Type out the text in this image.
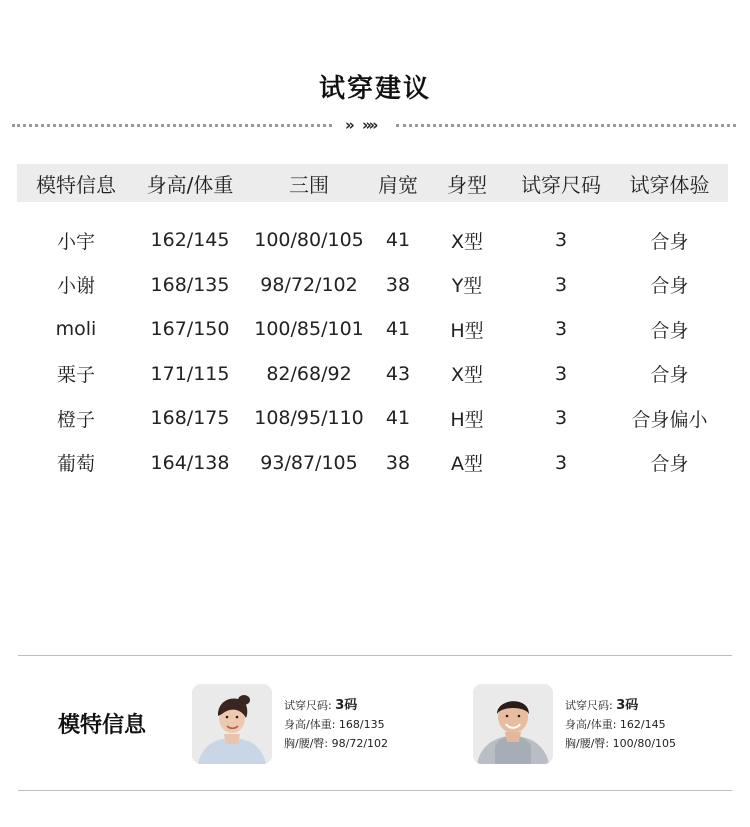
试穿建议
» »»
模特信息	身高/体重	三围	肩宽	身型	试穿尺码	试穿体验
小宇	162/145	100/80/105	41	X型	3	合身
小谢	168/135	98/72/102	38	Y型	3	合身
moli	167/150	100/85/101	41	H型	3	合身
栗子	171/115	82/68/92	43	X型	3	合身
橙子	168/175	108/95/110	41	H型	3	合身偏小
葡萄	164/138	93/87/105	38	A型	3	合身
模特信息
试穿尺码: 3码
身高/体重: 168/135
胸/腰/臀: 98/72/102
试穿尺码: 3码
身高/体重: 162/145
胸/腰/臀: 100/80/105
